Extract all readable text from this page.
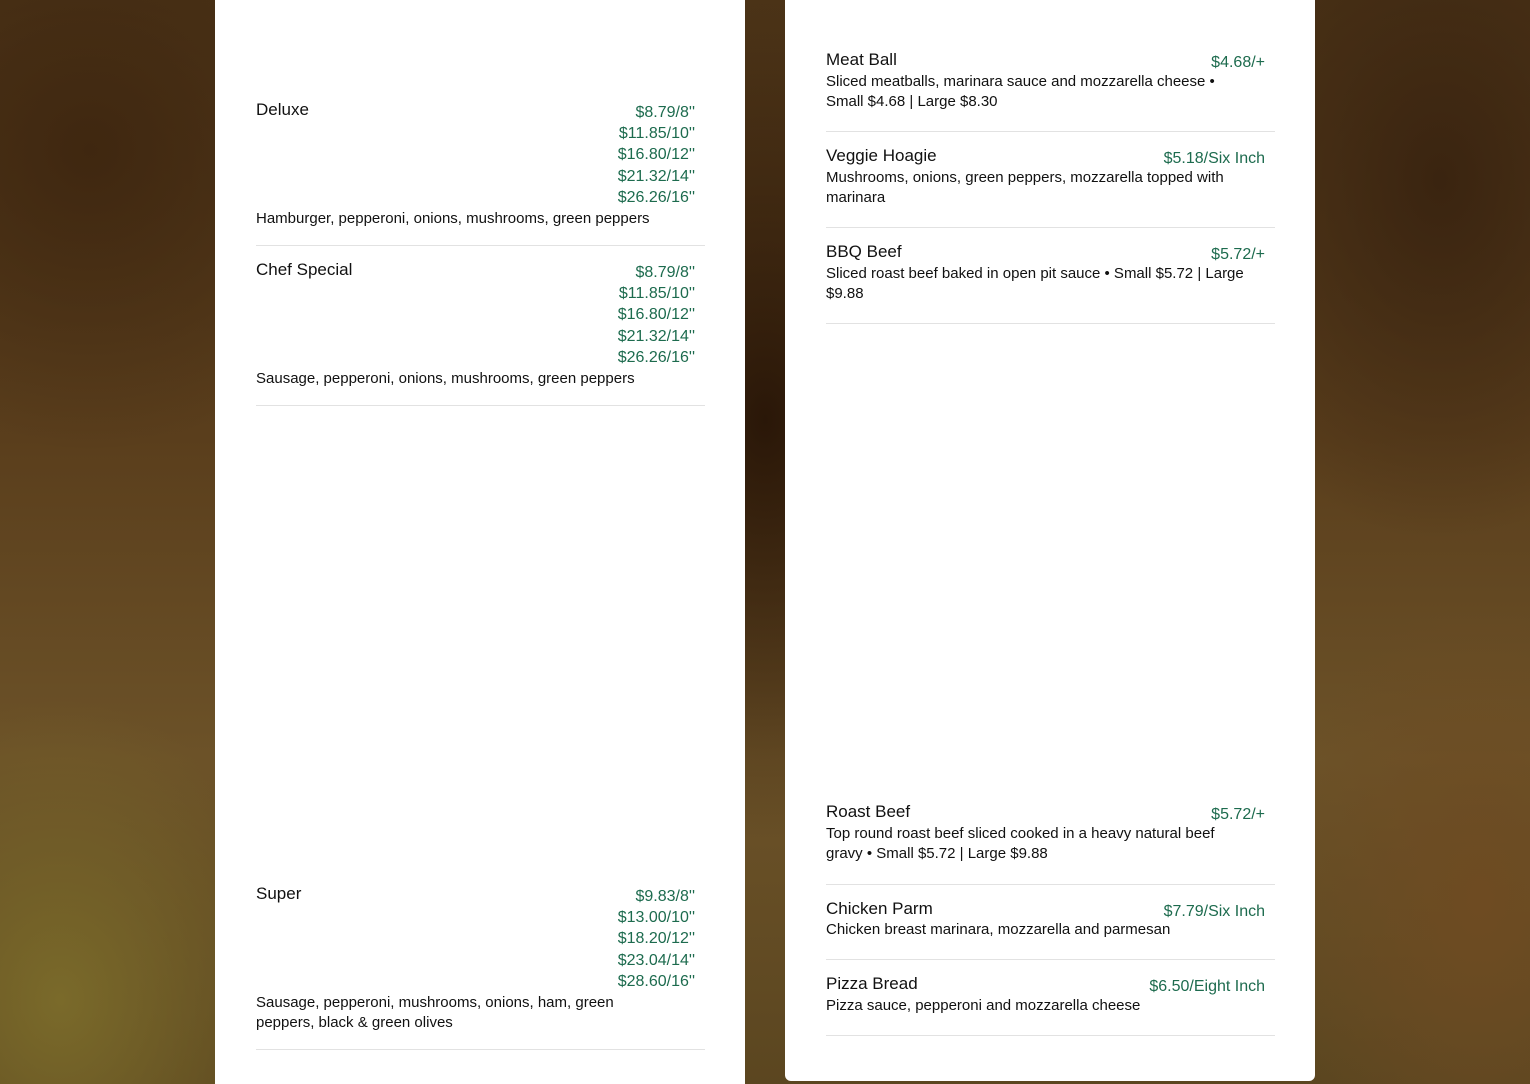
Deluxe	$8.79/8''
$11.85/10''
$16.80/12''
$21.32/14''
$26.26/16''
Hamburger, pepperoni, onions, mushrooms, green peppers
Chef Special	$8.79/8''
$11.85/10''
$16.80/12''
$21.32/14''
$26.26/16''
Sausage, pepperoni, onions, mushrooms, green peppers
Super	$9.83/8''
$13.00/10''
$18.20/12''
$23.04/14''
$28.60/16''
Sausage, pepperoni, mushrooms, onions, ham, green peppers, black & green olives
Meat Ball	$4.68/+
Sliced meatballs, marinara sauce and mozzarella cheese • Small $4.68 | Large $8.30
Veggie Hoagie	$5.18/Six Inch
Mushrooms, onions, green peppers, mozzarella topped with marinara
BBQ Beef	$5.72/+
Sliced roast beef baked in open pit sauce • Small $5.72 | Large $9.88
Roast Beef	$5.72/+
Top round roast beef sliced cooked in a heavy natural beef gravy • Small $5.72 | Large $9.88
Chicken Parm	$7.79/Six Inch
Chicken breast marinara, mozzarella and parmesan
Pizza Bread	$6.50/Eight Inch
Pizza sauce, pepperoni and mozzarella cheese
